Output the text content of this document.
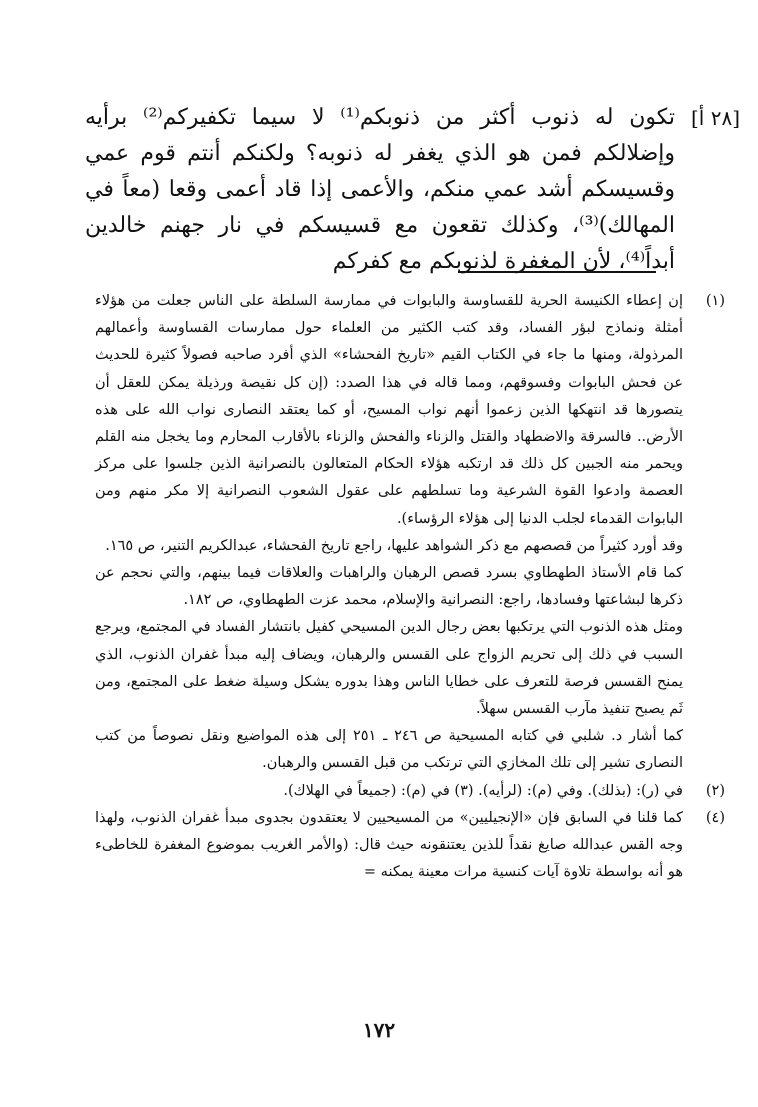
[٢٨ أ]
تكون له ذنوب أكثر من ذنوبكم⁽¹⁾ لا سيما تكفيركم⁽²⁾ برأيه وإضلالكم فمن هو الذي يغفر له ذنوبه؟ ولكنكم أنتم قوم عمي وقسيسكم أشد عمي منكم، والأعمى إذا قاد أعمى وقعا (معاً في المهالك)⁽³⁾، وكذلك تقعون مع قسيسكم في نار جهنم خالدين أبداً⁽⁴⁾، لأن المغفرة لذنوبكم مع كفركم
(١)

إن إعطاء الكنيسة الحرية للقساوسة والبابوات في ممارسة السلطة على الناس جعلت من هؤلاء أمثلة ونماذج لبؤر الفساد، وقد كتب الكثير من العلماء حول ممارسات القساوسة وأعمالهم المرذولة، ومنها ما جاء في الكتاب القيم «تاريخ الفحشاء» الذي أفرد صاحبه فصولاً كثيرة للحديث عن فحش البابوات وفسوقهم، ومما قاله في هذا الصدد: (إن كل نقيصة ورذيلة يمكن للعقل أن يتصورها قد انتهكها الذين زعموا أنهم نواب المسيح، أو كما يعتقد النصارى نواب الله على هذه الأرض.. فالسرقة والاضطهاد والقتل والزناء والفحش والزناء بالأقارب المحارم وما يخجل منه القلم ويحمر منه الجبين كل ذلك قد ارتكبه هؤلاء الحكام المتعالون بالنصرانية الذين جلسوا على مركز العصمة وادعوا القوة الشرعية وما تسلطهم على عقول الشعوب النصرانية إلا مكر منهم ومن البابوات القدماء لجلب الدنيا إلى هؤلاء الرؤساء).

وقد أورد كثيراً من قصصهم مع ذكر الشواهد عليها، راجع تاريخ الفحشاء، عبدالكريم التنير، ص ١٦٥.

كما قام الأستاذ الطهطاوي بسرد قصص الرهبان والراهبات والعلاقات فيما بينهم، والتي نحجم عن ذكرها لبشاعتها وفسادها، راجع: النصرانية والإسلام، محمد عزت الطهطاوي، ص ١٨٢.

ومثل هذه الذنوب التي يرتكبها بعض رجال الدين المسيحي كفيل بانتشار الفساد في المجتمع، ويرجع السبب في ذلك إلى تحريم الزواج على القسس والرهبان، ويضاف إليه مبدأ غفران الذنوب، الذي يمنح القسس فرصة للتعرف على خطايا الناس وهذا بدوره يشكل وسيلة ضغط على المجتمع، ومن ثَم يصبح تنفيذ مآرب القسس سهلاً.

كما أشار د. شلبي في كتابه المسيحية ص ٢٤٦ ـ ٢٥١ إلى هذه المواضيع ونقل نصوصاً من كتب النصارى تشير إلى تلك المخازي التي ترتكب من قبل القسس والرهبان.

(٢)

في (ر): (بذلك). وفي (م): (لرأيه). (٣) في (م): (جميعاً في الهلاك).

(٤)

كما قلنا في السابق فإن «الإنجيليين» من المسيحيين لا يعتقدون بجدوى مبدأ غفران الذنوب، ولهذا وجه القس عبدالله صايغ نقداً للذين يعتنقونه حيث قال: (والأمر الغريب بموضوع المغفرة للخاطىء هو أنه بواسطة تلاوة آيات كنسية مرات معينة يمكنه =

١٧٢
